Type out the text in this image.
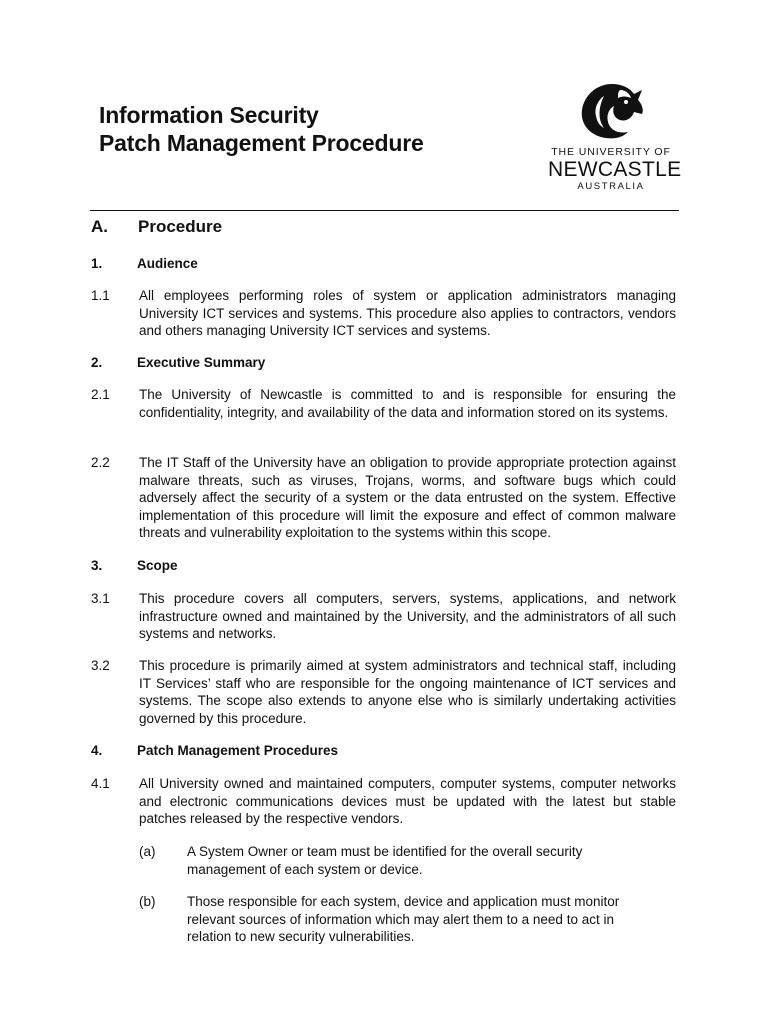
Information Security
Patch Management Procedure	THE UNIVERSITY OF
NEWCASTLE
AUSTRALIA
A. Procedure
1.	Audience
1.1 All employees performing roles of system or application administrators managing University ICT services and systems. This procedure also applies to contractors, vendors and others managing University ICT services and systems.
2.	Executive Summary
2.1 The University of Newcastle is committed to and is responsible for ensuring the confidentiality, integrity, and availability of the data and information stored on its systems.
2.2 The IT Staff of the University have an obligation to provide appropriate protection against malware threats, such as viruses, Trojans, worms, and software bugs which could adversely affect the security of a system or the data entrusted on the system. Effective implementation of this procedure will limit the exposure and effect of common malware threats and vulnerability exploitation to the systems within this scope.
3.	Scope
3.1 This procedure covers all computers, servers, systems, applications, and network infrastructure owned and maintained by the University, and the administrators of all such systems and networks.
3.2 This procedure is primarily aimed at system administrators and technical staff, including IT Services’ staff who are responsible for the ongoing maintenance of ICT services and systems. The scope also extends to anyone else who is similarly undertaking activities governed by this procedure.
4.	Patch Management Procedures
4.1 All University owned and maintained computers, computer systems, computer networks and electronic communications devices must be updated with the latest but stable patches released by the respective vendors.
(a) A System Owner or team must be identified for the overall security management of each system or device.
(b) Those responsible for each system, device and application must monitor relevant sources of information which may alert them to a need to act in relation to new security vulnerabilities.
